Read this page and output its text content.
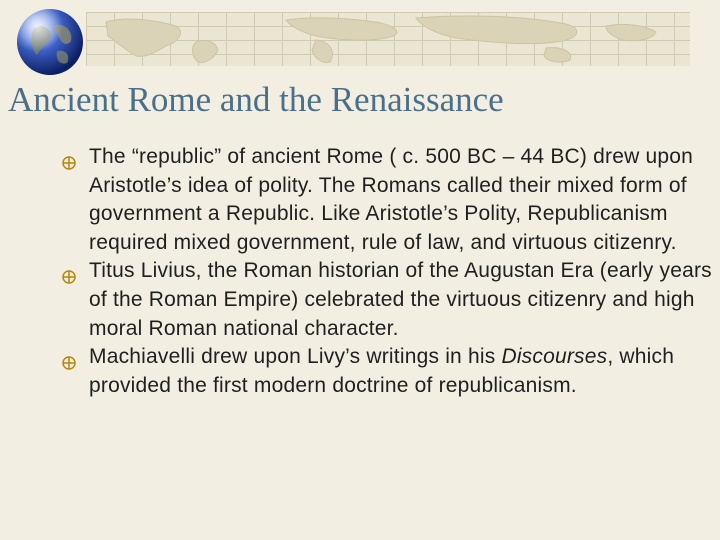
Ancient Rome and the Renaissance
The “republic” of ancient Rome ( c. 500 BC – 44 BC) drew upon Aristotle’s idea of polity. The Romans called their mixed form of government a Republic. Like Aristotle’s Polity, Republicanism required mixed government, rule of law, and virtuous citizenry.
Titus Livius, the Roman historian of the Augustan Era (early years of the Roman Empire) celebrated the virtuous citizenry and high moral Roman national character.
Machiavelli drew upon Livy’s writings in his Discourses, which provided the first modern doctrine of republicanism.
